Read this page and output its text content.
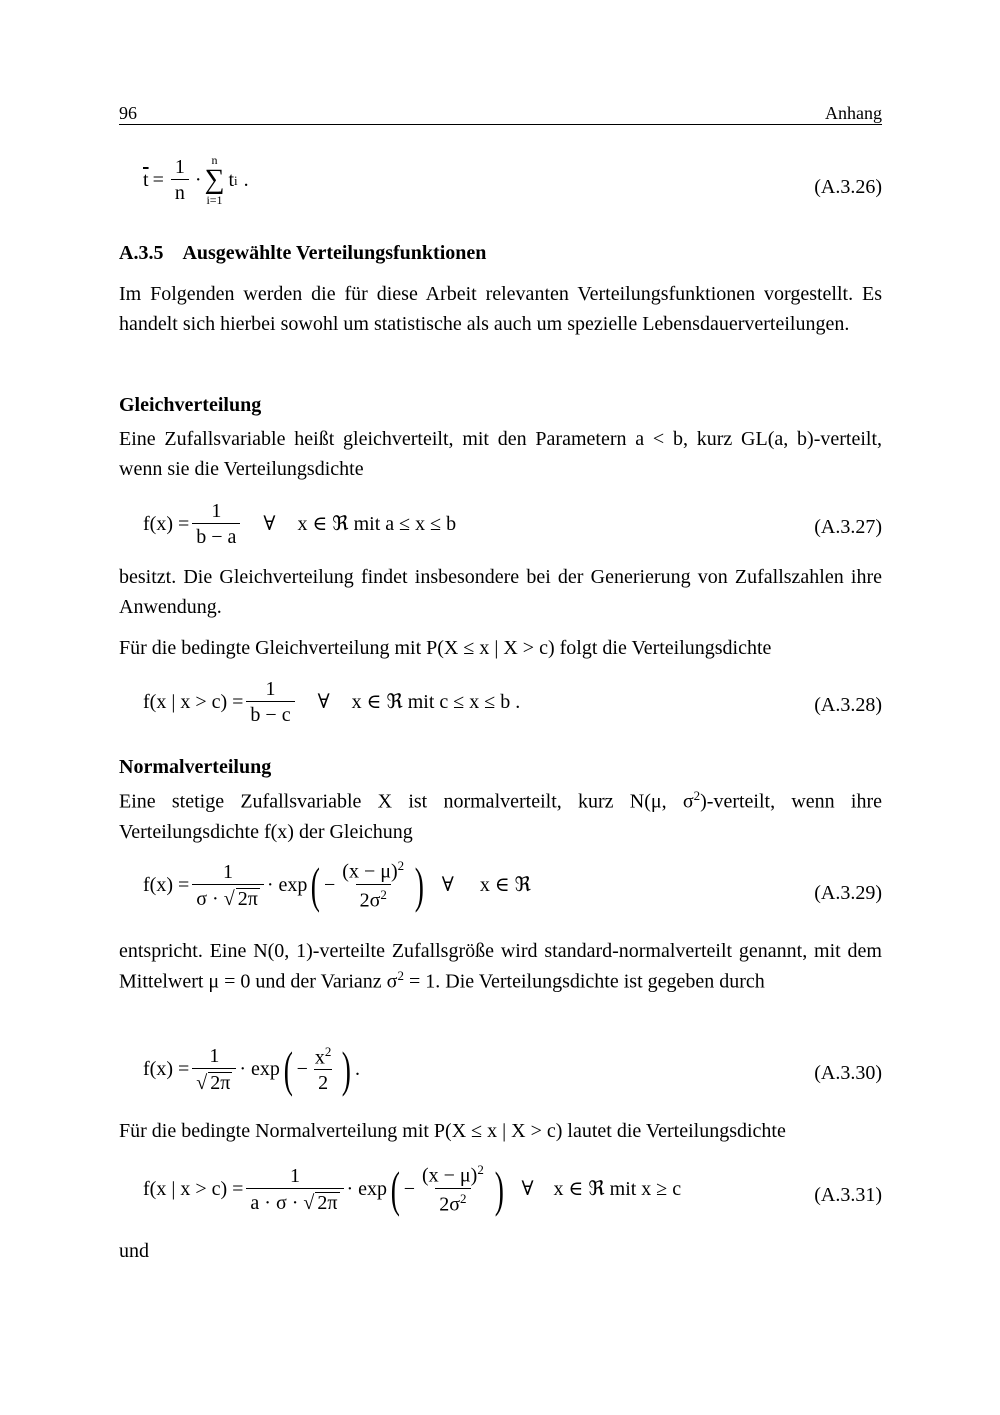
96	Anhang
$\overline{t} = \frac{1}{n}$ ·
n
∑
i=1
t i .	(A.3.26)
A.3.5 Ausgewählte Verteilungsfunktionen
Im Folgenden werden die für diese Arbeit relevanten Verteilungsfunktionen vorgestellt. Es handelt sich hierbei sowohl um statistische als auch um spezielle Lebensdauerverteilungen.
Gleichverteilung
Eine Zufallsvariable heißt gleichverteilt, mit den Parametern a < b, kurz GL(a, b)-verteilt, wenn sie die Verteilungsdichte
$f(x) = \frac{1}{b - a}$ ∀ x ∈ ℜ mit a ≤ x ≤ b	(A.3.27)
besitzt. Die Gleichverteilung findet insbesondere bei der Generierung von Zufallszahlen ihre Anwendung.
Für die bedingte Gleichverteilung mit P(X ≤ x | X > c) folgt die Verteilungsdichte
f(x | $x > c) = \frac{1}{b - c}$ ∀ x ∈ ℜ mit c ≤ x ≤ b .	(A.3.28)
Normalverteilung
Eine stetige Zufallsvariable X ist normalverteilt, kurz N(μ, $\sigma^2$)-verteilt, wenn ihre Verteilungsdichte f(x) der Gleichung
$f(x) = \frac{1}{\sigma \cdot √ 2\pi} \cdot \exp$ ( − $\frac{(x - \mu)^2}{2\sigma^2}$ ) ∀ x ∈ ℜ	(A.3.29)
entspricht. Eine N(0, 1)-verteilte Zufallsgröße wird standard-normalverteilt genannt, mit dem Mittelwert μ = 0 und der Varianz $\sigma^2 = 1$. Die Verteilungsdichte ist gegeben durch
$f(x) = \frac{1}{√ 2\pi} \cdot \exp$ ( − $\frac{x^2}{2}$ ) .	(A.3.30)
Für die bedingte Normalverteilung mit P(X ≤ x | X > c) lautet die Verteilungsdichte
f(x | $x > c) = \frac{1}{a \cdot \sigma \cdot √ 2\pi} \cdot \exp$ ( − $\frac{(x - \mu)^2}{2\sigma^2}$ ) ∀ x ∈ ℜ mit x ≥ c	(A.3.31)
und
